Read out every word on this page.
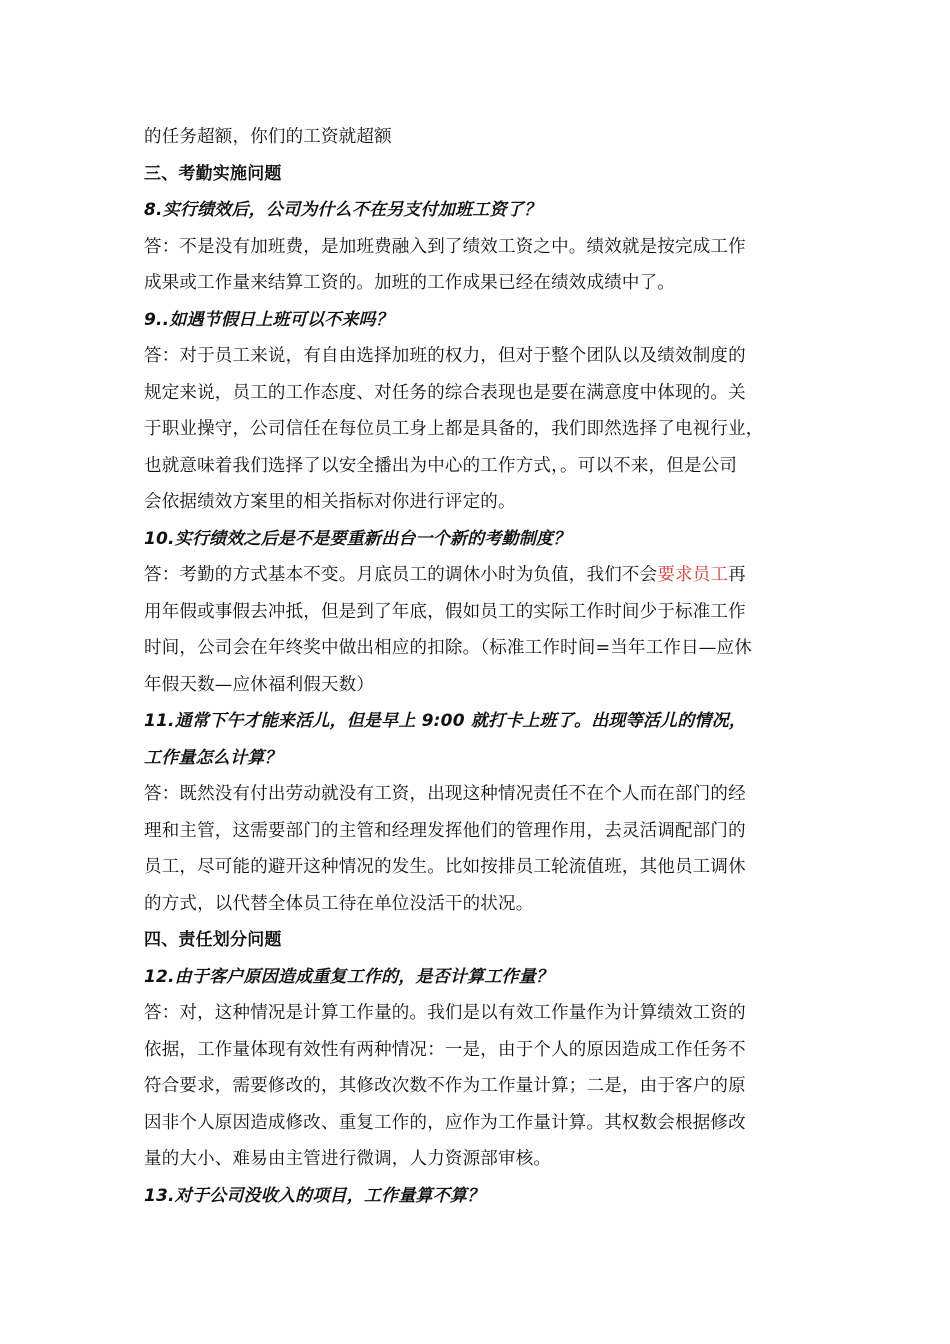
的任务超额，你们的工资就超额
三、考勤实施问题
8.实行绩效后，公司为什么不在另支付加班工资了？
答：不是没有加班费，是加班费融入到了绩效工资之中。绩效就是按完成工作
成果或工作量来结算工资的。加班的工作成果已经在绩效成绩中了。
9..如遇节假日上班可以不来吗？
答：对于员工来说，有自由选择加班的权力，但对于整个团队以及绩效制度的
规定来说，员工的工作态度、对任务的综合表现也是要在满意度中体现的。关
于职业操守，公司信任在每位员工身上都是具备的，我们即然选择了电视行业，
也就意味着我们选择了以安全播出为中心的工作方式，。可以不来，但是公司
会依据绩效方案里的相关指标对你进行评定的。
10.实行绩效之后是不是要重新出台一个新的考勤制度？
答：考勤的方式基本不变。月底员工的调休小时为负值，我们不会要求员工再
用年假或事假去冲抵，但是到了年底，假如员工的实际工作时间少于标准工作
时间，公司会在年终奖中做出相应的扣除。（标准工作时间=当年工作日—应休
年假天数—应休福利假天数）
11.通常下午才能来活儿，但是早上 9:00 就打卡上班了。出现等活儿的情况，
工作量怎么计算？
答：既然没有付出劳动就没有工资，出现这种情况责任不在个人而在部门的经
理和主管，这需要部门的主管和经理发挥他们的管理作用，去灵活调配部门的
员工，尽可能的避开这种情况的发生。比如按排员工轮流值班，其他员工调休
的方式，以代替全体员工待在单位没活干的状况。
四、责任划分问题
12.由于客户原因造成重复工作的，是否计算工作量？
答：对，这种情况是计算工作量的。我们是以有效工作量作为计算绩效工资的
依据，工作量体现有效性有两种情况：一是，由于个人的原因造成工作任务不
符合要求，需要修改的，其修改次数不作为工作量计算；二是，由于客户的原
因非个人原因造成修改、重复工作的，应作为工作量计算。其权数会根据修改
量的大小、难易由主管进行微调，人力资源部审核。
13.对于公司没收入的项目，工作量算不算？
